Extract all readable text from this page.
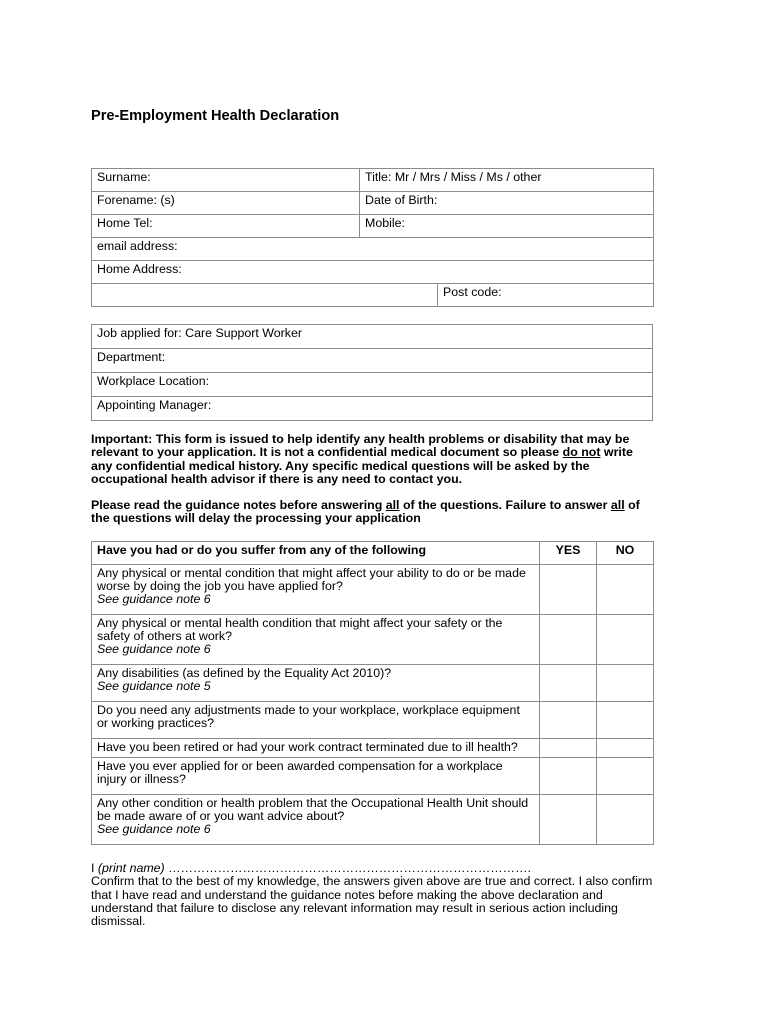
Pre-Employment Health Declaration
Surname:	Title: Mr / Mrs / Miss / Ms / other	
Forename: (s)	Date of Birth:	
Home Tel:	Mobile:	
email address:		
Home Address:		
		Post code:
Job applied for: Care Support Worker
Department:
Workplace Location:
Appointing Manager:
Important: This form is issued to help identify any health problems or disability that may be relevant to your application. It is not a confidential medical document so please do not write any confidential medical history. Any specific medical questions will be asked by the occupational health advisor if there is any need to contact you.
Please read the guidance notes before answering all of the questions. Failure to answer all of the questions will delay the processing your application
Have you had or do you suffer from any of the following	YES	NO
Any physical or mental condition that might affect your ability to do or be made worse by doing the job you have applied for?
See guidance note 6		
Any physical or mental health condition that might affect your safety or the safety of others at work?
See guidance note 6		
Any disabilities (as defined by the Equality Act 2010)?
See guidance note 5		
Do you need any adjustments made to your workplace, workplace equipment or working practices?		

Have you been retired or had your work contract terminated due to ill health?		

Have you ever applied for or been awarded compensation for a workplace injury or illness?		
Any other condition or health problem that the Occupational Health Unit should be made aware of or you want advice about?
See guidance note 6		
I (print name) …………………………………………………………………………….
Confirm that to the best of my knowledge, the answers given above are true and correct. I also confirm that I have read and understand the guidance notes before making the above declaration and understand that failure to disclose any relevant information may result in serious action including dismissal.
